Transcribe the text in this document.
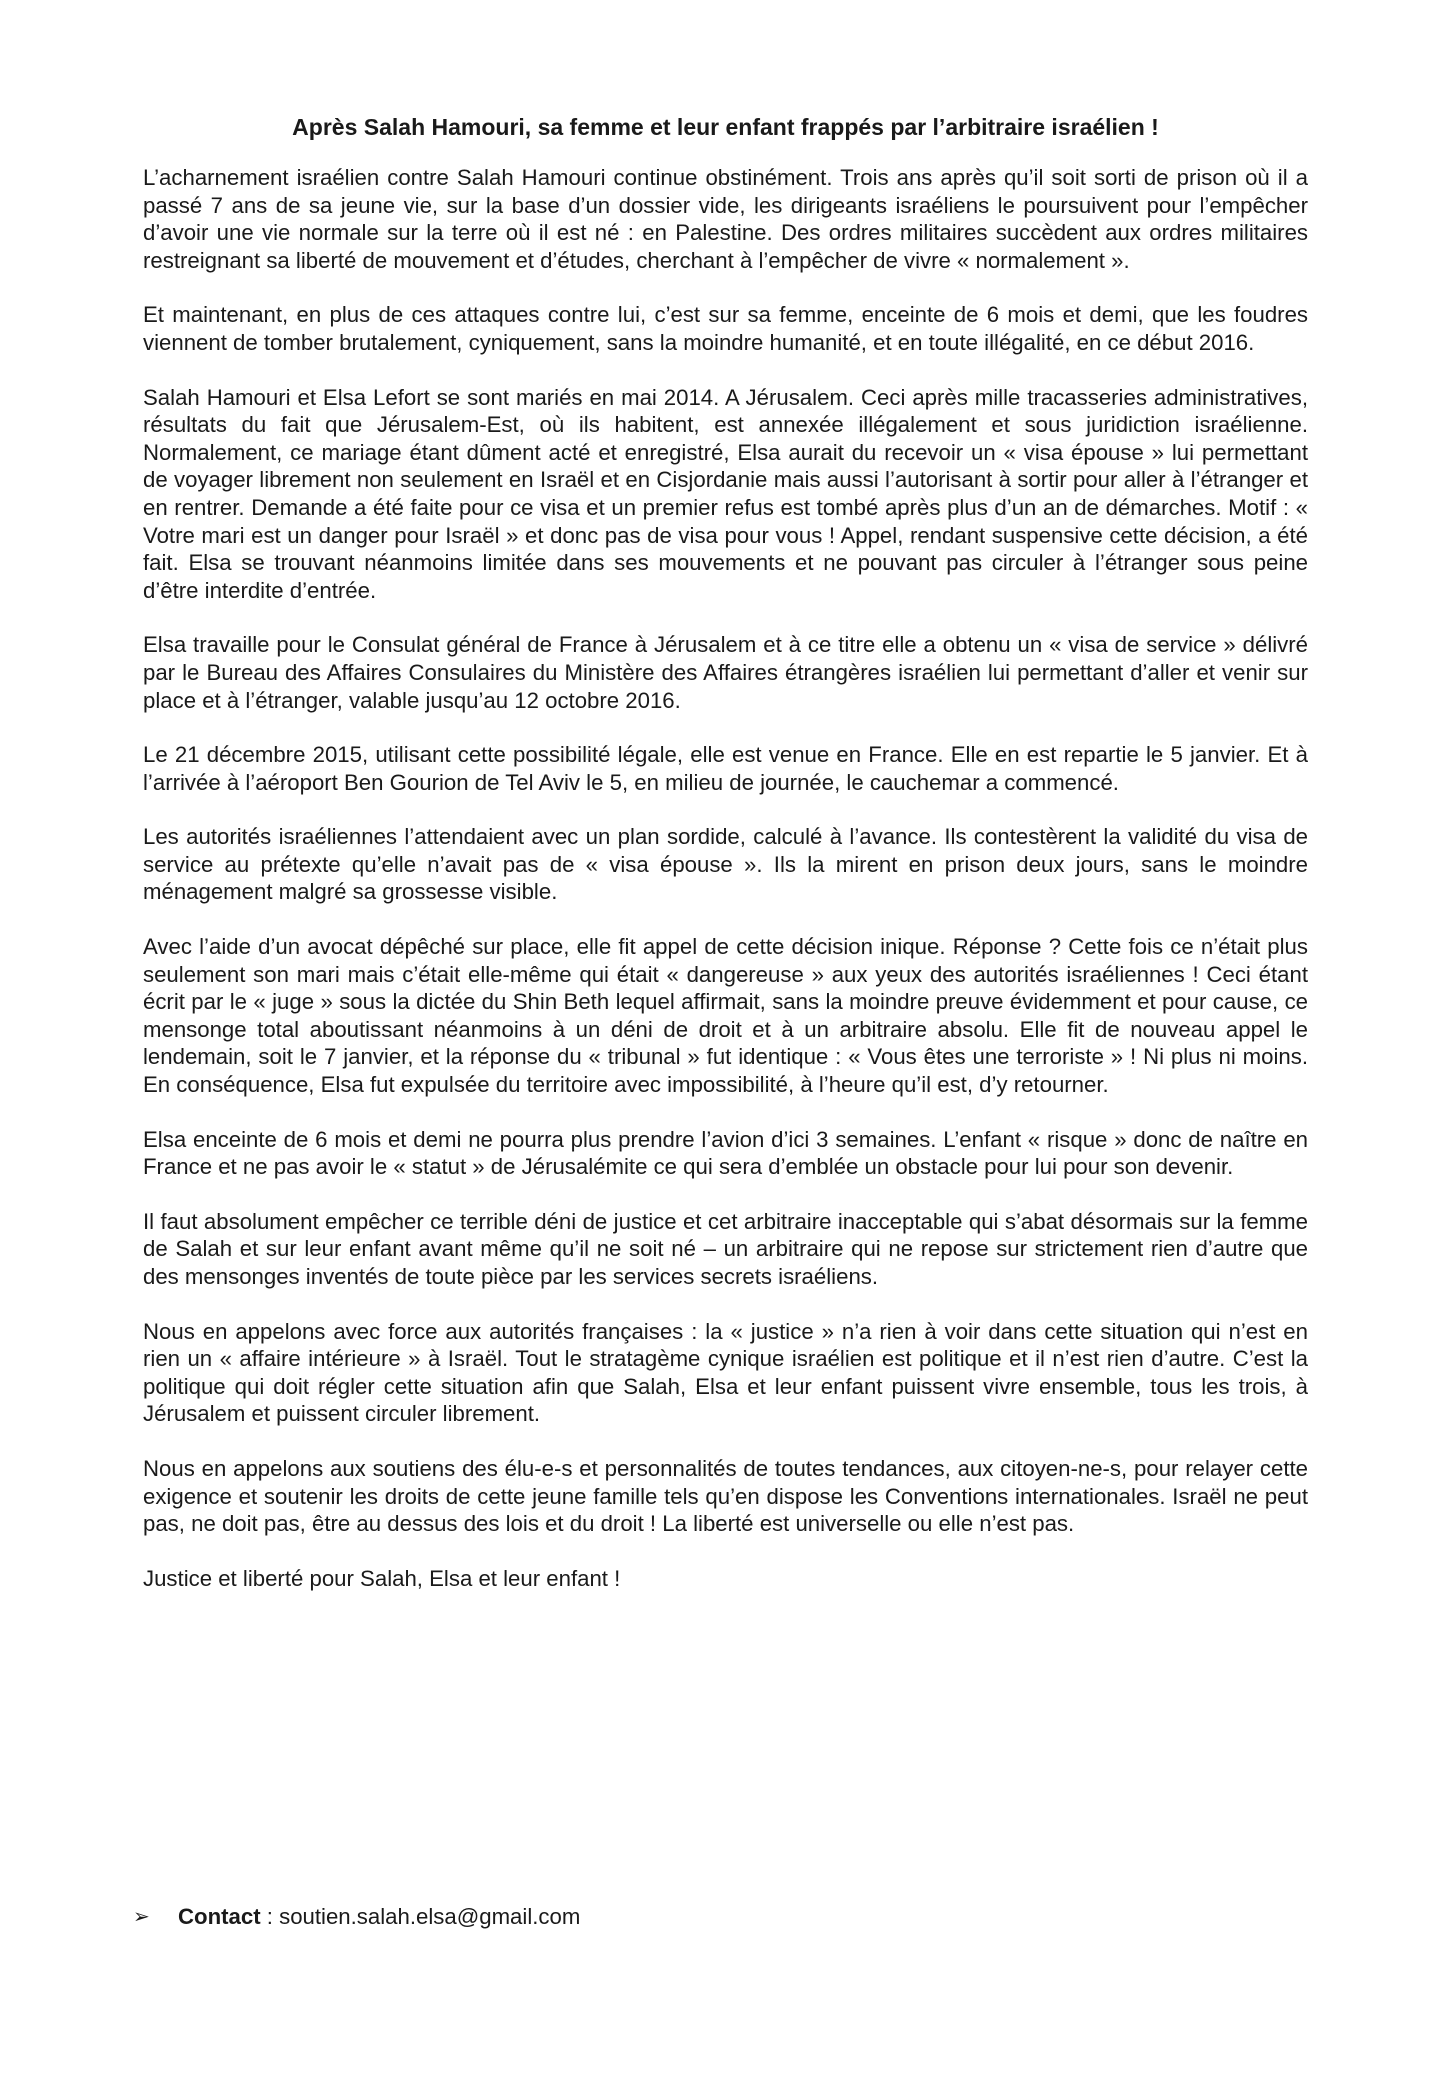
Après Salah Hamouri, sa femme et leur enfant frappés par l’arbitraire israélien !

L’acharnement israélien contre Salah Hamouri continue obstinément. Trois ans après qu’il soit sorti de prison où il a passé 7 ans de sa jeune vie, sur la base d’un dossier vide, les dirigeants israéliens le poursuivent pour l’empêcher d’avoir une vie normale sur la terre où il est né : en Palestine. Des ordres militaires succèdent aux ordres militaires restreignant sa liberté de mouvement et d’études, cherchant à l’empêcher de vivre « normalement ».

Et maintenant, en plus de ces attaques contre lui, c’est sur sa femme, enceinte de 6 mois et demi, que les foudres viennent de tomber brutalement, cyniquement, sans la moindre humanité, et en toute illégalité, en ce début 2016.

Salah Hamouri et Elsa Lefort se sont mariés en mai 2014. A Jérusalem. Ceci après mille tracasseries administratives, résultats du fait que Jérusalem-Est, où ils habitent, est annexée illégalement et sous juridiction israélienne. Normalement, ce mariage étant dûment acté et enregistré, Elsa aurait du recevoir un « visa épouse » lui permettant de voyager librement non seulement en Israël et en Cisjordanie mais aussi l’autorisant à sortir pour aller à l’étranger et en rentrer. Demande a été faite pour ce visa et un premier refus est tombé après plus d’un an de démarches. Motif : « Votre mari est un danger pour Israël » et donc pas de visa pour vous ! Appel, rendant suspensive cette décision, a été fait. Elsa se trouvant néanmoins limitée dans ses mouvements et ne pouvant pas circuler à l’étranger sous peine d’être interdite d’entrée.

Elsa travaille pour le Consulat général de France à Jérusalem et à ce titre elle a obtenu un « visa de service » délivré par le Bureau des Affaires Consulaires du Ministère des Affaires étrangères israélien lui permettant d’aller et venir sur place et à l’étranger, valable jusqu’au 12 octobre 2016.

Le 21 décembre 2015, utilisant cette possibilité légale, elle est venue en France. Elle en est repartie le 5 janvier. Et à l’arrivée à l’aéroport Ben Gourion de Tel Aviv le 5, en milieu de journée, le cauchemar a commencé.

Les autorités israéliennes l’attendaient avec un plan sordide, calculé à l’avance. Ils contestèrent la validité du visa de service au prétexte qu’elle n’avait pas de « visa épouse ». Ils la mirent en prison deux jours, sans le moindre ménagement malgré sa grossesse visible.

Avec l’aide d’un avocat dépêché sur place, elle fit appel de cette décision inique. Réponse ? Cette fois ce n’était plus seulement son mari mais c’était elle-même qui était « dangereuse » aux yeux des autorités israéliennes ! Ceci étant écrit par le « juge » sous la dictée du Shin Beth lequel affirmait, sans la moindre preuve évidemment et pour cause, ce mensonge total aboutissant néanmoins à un déni de droit et à un arbitraire absolu. Elle fit de nouveau appel le lendemain, soit le 7 janvier, et la réponse du « tribunal » fut identique : « Vous êtes une terroriste » ! Ni plus ni moins. En conséquence, Elsa fut expulsée du territoire avec impossibilité, à l’heure qu’il est, d’y retourner.

Elsa enceinte de 6 mois et demi ne pourra plus prendre l’avion d’ici 3 semaines. L’enfant « risque » donc de naître en France et ne pas avoir le « statut » de Jérusalémite ce qui sera d’emblée un obstacle pour lui pour son devenir.

Il faut absolument empêcher ce terrible déni de justice et cet arbitraire inacceptable qui s’abat désormais sur la femme de Salah et sur leur enfant avant même qu’il ne soit né – un arbitraire qui ne repose sur strictement rien d’autre que des mensonges inventés de toute pièce par les services secrets israéliens.

Nous en appelons avec force aux autorités françaises : la « justice » n’a rien à voir dans cette situation qui n’est en rien un « affaire intérieure » à Israël. Tout le stratagème cynique israélien est politique et il n’est rien d’autre. C’est la politique qui doit régler cette situation afin que Salah, Elsa et leur enfant puissent vivre ensemble, tous les trois, à Jérusalem et puissent circuler librement.

Nous en appelons aux soutiens des élu-e-s et personnalités de toutes tendances, aux citoyen-ne-s, pour relayer cette exigence et soutenir les droits de cette jeune famille tels qu’en dispose les Conventions internationales. Israël ne peut pas, ne doit pas, être au dessus des lois et du droit ! La liberté est universelle ou elle n’est pas.

Justice et liberté pour Salah, Elsa et leur enfant !

➢	Contact : soutien.salah.elsa@gmail.com
